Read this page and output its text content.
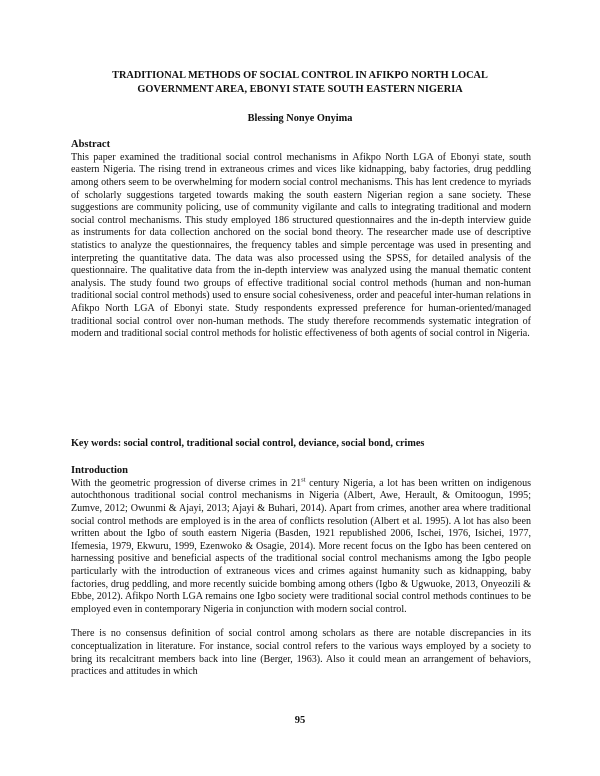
TRADITIONAL METHODS OF SOCIAL CONTROL IN AFIKPO NORTH LOCAL
GOVERNMENT AREA, EBONYI STATE SOUTH EASTERN NIGERIA
Blessing Nonye Onyima
Abstract
This paper examined the traditional social control mechanisms in Afikpo North LGA of Ebonyi state, south eastern Nigeria. The rising trend in extraneous crimes and vices like kidnapping, baby factories, drug peddling among others seem to be overwhelming for modern social control mechanisms. This has lent credence to myriads of scholarly suggestions targeted towards making the south eastern Nigerian region a sane society. These suggestions are community policing, use of community vigilante and calls to integrating traditional and modern social control mechanisms. This study employed 186 structured questionnaires and the in-depth interview guide as instruments for data collection anchored on the social bond theory. The researcher made use of descriptive statistics to analyze the questionnaires, the frequency tables and simple percentage was used in presenting and interpreting the quantitative data. The data was also processed using the SPSS, for detailed analysis of the questionnaire. The qualitative data from the in-depth interview was analyzed using the manual thematic content analysis. The study found two groups of effective traditional social control methods (human and non-human traditional social control methods) used to ensure social cohesiveness, order and peaceful inter-human relations in Afikpo North LGA of Ebonyi state. Study respondents expressed preference for human-oriented/managed traditional social control over non-human methods. The study therefore recommends systematic integration of modern and traditional social control methods for holistic effectiveness of both agents of social control in Nigeria.
Key words: social control, traditional social control, deviance, social bond, crimes
Introduction
With the geometric progression of diverse crimes in 21st century Nigeria, a lot has been written on indigenous autochthonous traditional social control mechanisms in Nigeria (Albert, Awe, Herault, & Omitoogun, 1995; Zumve, 2012; Owunmi & Ajayi, 2013; Ajayi & Buhari, 2014). Apart from crimes, another area where traditional social control methods are employed is in the area of conflicts resolution (Albert et al. 1995). A lot has also been written about the Igbo of south eastern Nigeria (Basden, 1921 republished 2006, Ischei, 1976, Isichei, 1977, Ifemesia, 1979, Ekwuru, 1999, Ezenwoko & Osagie, 2014). More recent focus on the Igbo has been centered on harnessing positive and beneficial aspects of the traditional social control mechanisms among the Igbo people particularly with the introduction of extraneous vices and crimes against humanity such as kidnapping, baby factories, drug peddling, and more recently suicide bombing among others (Igbo & Ugwuoke, 2013, Onyeozili & Ebbe, 2012). Afikpo North LGA remains one Igbo society were traditional social control methods continues to be employed even in contemporary Nigeria in conjunction with modern social control.
There is no consensus definition of social control among scholars as there are notable discrepancies in its conceptualization in literature. For instance, social control refers to the various ways employed by a society to bring its recalcitrant members back into line (Berger, 1963). Also it could mean an arrangement of behaviors, practices and attitudes in which
95
